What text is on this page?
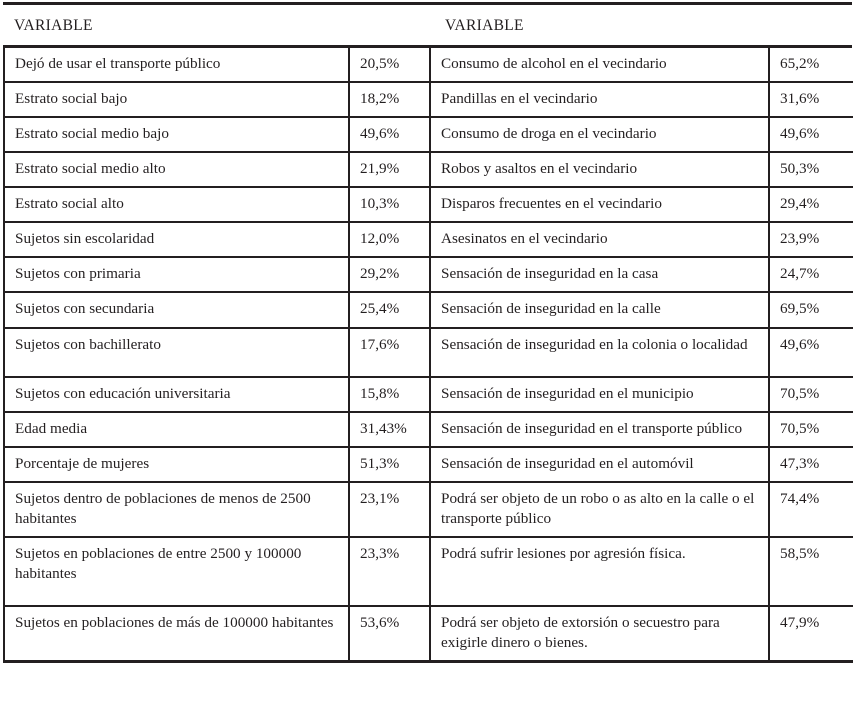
VARIABLE	VARIABLE
Dejó de usar el transporte público	20,5%	Consumo de alcohol en el vecindario	65,2%
Estrato social bajo	18,2%	Pandillas en el vecindario	31,6%
Estrato social medio bajo	49,6%	Consumo de droga en el vecindario	49,6%
Estrato social medio alto	21,9%	Robos y asaltos en el vecindario	50,3%
Estrato social alto	10,3%	Disparos frecuentes en el vecindario	29,4%
Sujetos sin escolaridad	12,0%	Asesinatos en el vecindario	23,9%
Sujetos con primaria	29,2%	Sensación de inseguridad en la casa	24,7%
Sujetos con secundaria	25,4%	Sensación de inseguridad en la calle	69,5%
Sujetos con bachillerato	17,6%	Sensación de inseguridad en la colonia o localidad	49,6%
Sujetos con educación universitaria	15,8%	Sensación de inseguridad en el municipio	70,5%
Edad media	31,43%	Sensación de inseguridad en el transporte público	70,5%
Porcentaje de mujeres	51,3%	Sensación de inseguridad en el automóvil	47,3%
Sujetos dentro de poblaciones de menos de 2500 habitantes	23,1%	Podrá ser objeto de un robo o as alto en la calle o el transporte público	74,4%
Sujetos en poblaciones de entre 2500 y 100000 habitantes	23,3%	Podrá sufrir lesiones por agresión física.	58,5%
Sujetos en poblaciones de más de 100000 habitantes	53,6%	Podrá ser objeto de extorsión o secuestro para exigirle dinero o bienes.	47,9%
